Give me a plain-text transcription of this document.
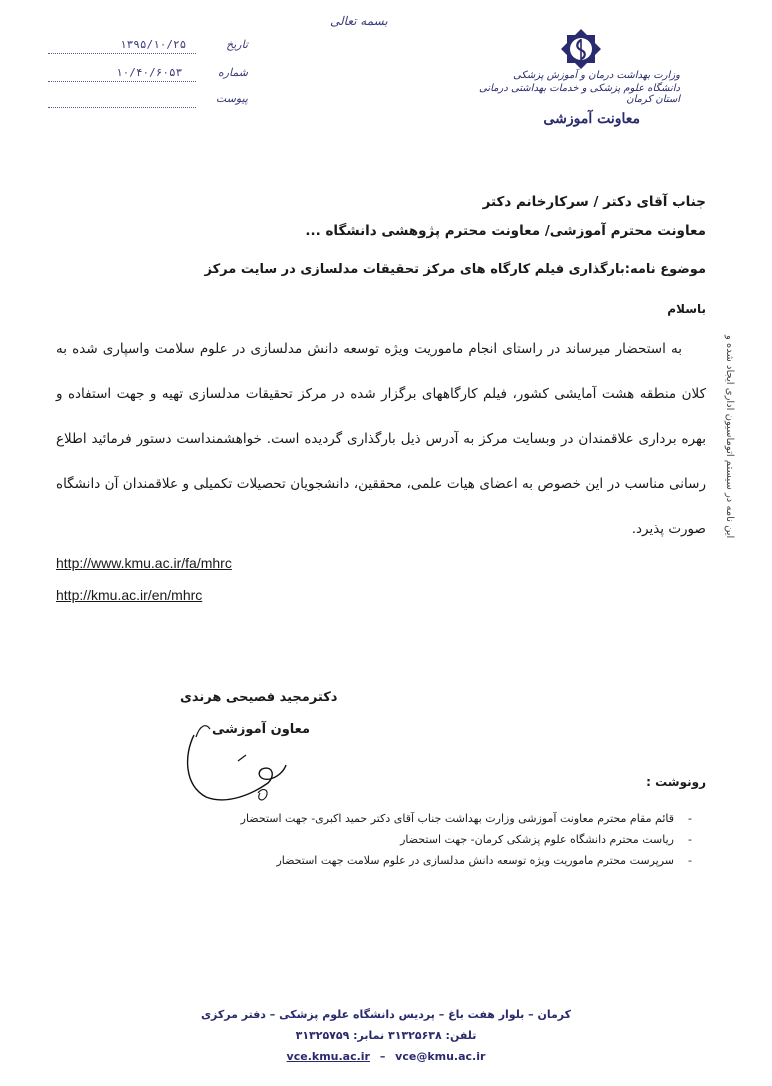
بسمه تعالی
۱۳۹۵/۱۰/۲۵	تاریخ
۱۰/۴۰/۶۰۵۳	شماره
پیوست
وزارت بهداشت درمان و آموزش پزشکی
دانشگاه علوم پزشکی و خدمات بهداشتی درمانی استان کرمان
معاونت آموزشی
جناب آقای دکتر / سرکارخانم دکتر
معاونت محترم آموزشی/ معاونت محترم پژوهشی دانشگاه ...
موضوع نامه:بارگذاری فیلم کارگاه های مرکز تحقیقات مدلسازی در سایت مرکز
باسلام
به استحضار میرساند در راستای انجام ماموریت ویژه توسعه دانش مدلسازی در علوم سلامت واسپاری شده به کلان منطقه هشت آمایشی کشور، فیلم کارگاههای برگزار شده در مرکز تحقیقات مدلسازی تهیه و جهت استفاده و بهره برداری علاقمندان در وبسایت مرکز به آدرس ذیل بارگذاری گردیده است. خواهشمنداست دستور فرمائید اطلاع رسانی مناسب در این خصوص به اعضای هیات علمی، محققین، دانشجویان تحصیلات تکمیلی و علاقمندان آن دانشگاه صورت پذیرد.
http://www.kmu.ac.ir/fa/mhrc
http://kmu.ac.ir/en/mhrc
این نامه در سیستم اتوماسیون اداری ایجاد شده و
دکترمجید فصیحی هرندی
معاون آموزشی
رونوشت :
- قائم مقام محترم معاونت آموزشی وزارت بهداشت جناب آقای دکتر حمید اکبری- جهت استحضار
- ریاست محترم دانشگاه علوم پزشکی کرمان- جهت استحضار
- سرپرست محترم ماموریت ویژه توسعه دانش مدلسازی در علوم سلامت جهت استحضار
کرمان – بلوار هفت باغ – پردیس دانشگاه علوم پزشکی – دفتر مرکزی
تلفن: ۳۱۳۲۵۶۳۸ نمابر: ۳۱۳۲۵۷۵۹
vce.kmu.ac.ir – vce@kmu.ac.ir
